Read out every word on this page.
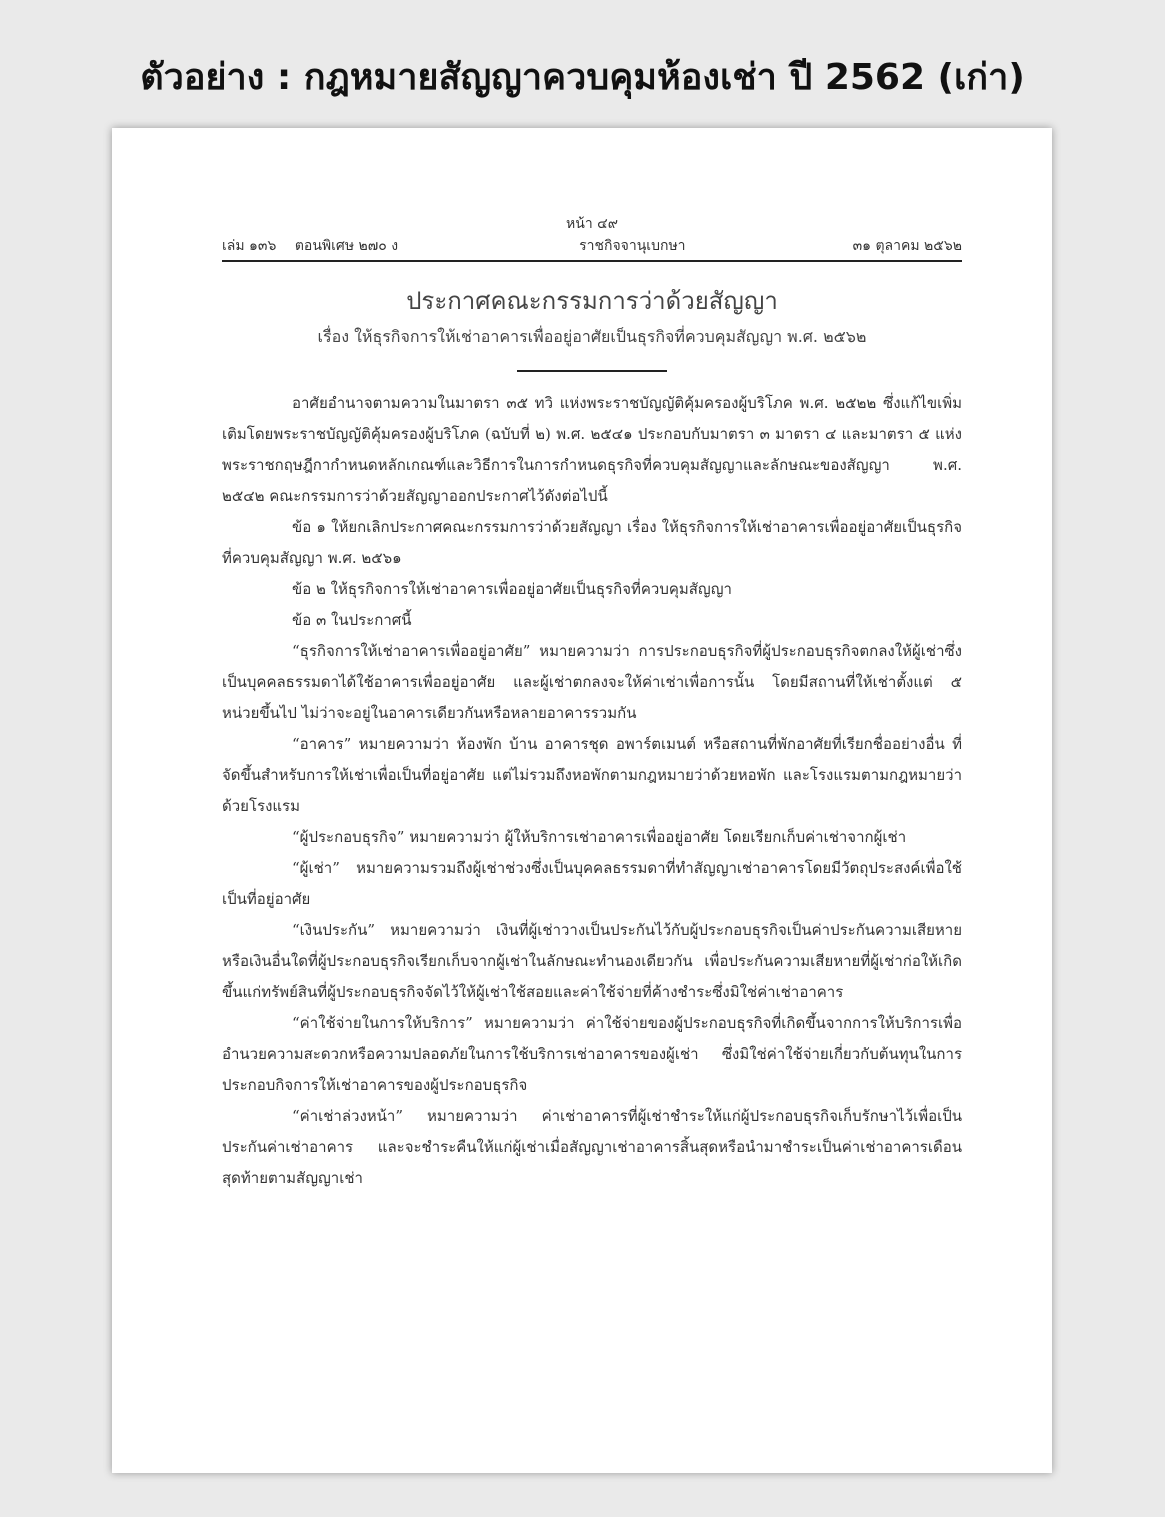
ตัวอย่าง : กฎหมายสัญญาควบคุมห้องเช่า ปี 2562 (เก่า)
หน้า ๔๙
เล่ม ๑๓๖ ตอนพิเศษ ๒๗๐ ง	ราชกิจจานุเบกษา	๓๑ ตุลาคม ๒๕๖๒
ประกาศคณะกรรมการว่าด้วยสัญญา
เรื่อง ให้ธุรกิจการให้เช่าอาคารเพื่ออยู่อาศัยเป็นธุรกิจที่ควบคุมสัญญา พ.ศ. ๒๕๖๒

อาศัยอำนาจตามความในมาตรา ๓๕ ทวิ แห่งพระราชบัญญัติคุ้มครองผู้บริโภค พ.ศ. ๒๕๒๒ ซึ่งแก้ไขเพิ่มเติมโดยพระราชบัญญัติคุ้มครองผู้บริโภค (ฉบับที่ ๒) พ.ศ. ๒๕๔๑ ประกอบกับมาตรา ๓ มาตรา ๔ และมาตรา ๕ แห่งพระราชกฤษฎีกากำหนดหลักเกณฑ์และวิธีการในการกำหนดธุรกิจที่ควบคุมสัญญาและลักษณะของสัญญา พ.ศ. ๒๕๔๒ คณะกรรมการว่าด้วยสัญญาออกประกาศไว้ดังต่อไปนี้

ข้อ ๑ ให้ยกเลิกประกาศคณะกรรมการว่าด้วยสัญญา เรื่อง ให้ธุรกิจการให้เช่าอาคารเพื่ออยู่อาศัยเป็นธุรกิจที่ควบคุมสัญญา พ.ศ. ๒๕๖๑

ข้อ ๒ ให้ธุรกิจการให้เช่าอาคารเพื่ออยู่อาศัยเป็นธุรกิจที่ควบคุมสัญญา

ข้อ ๓ ในประกาศนี้

“ธุรกิจการให้เช่าอาคารเพื่ออยู่อาศัย” หมายความว่า การประกอบธุรกิจที่ผู้ประกอบธุรกิจตกลงให้ผู้เช่าซึ่งเป็นบุคคลธรรมดาได้ใช้อาคารเพื่ออยู่อาศัย และผู้เช่าตกลงจะให้ค่าเช่าเพื่อการนั้น โดยมีสถานที่ให้เช่าตั้งแต่ ๕ หน่วยขึ้นไป ไม่ว่าจะอยู่ในอาคารเดียวกันหรือหลายอาคารรวมกัน

“อาคาร” หมายความว่า ห้องพัก บ้าน อาคารชุด อพาร์ตเมนต์ หรือสถานที่พักอาศัยที่เรียกชื่ออย่างอื่น ที่จัดขึ้นสำหรับการให้เช่าเพื่อเป็นที่อยู่อาศัย แต่ไม่รวมถึงหอพักตามกฎหมายว่าด้วยหอพัก และโรงแรมตามกฎหมายว่าด้วยโรงแรม

“ผู้ประกอบธุรกิจ” หมายความว่า ผู้ให้บริการเช่าอาคารเพื่ออยู่อาศัย โดยเรียกเก็บค่าเช่าจากผู้เช่า

“ผู้เช่า” หมายความรวมถึงผู้เช่าช่วงซึ่งเป็นบุคคลธรรมดาที่ทำสัญญาเช่าอาคารโดยมีวัตถุประสงค์เพื่อใช้เป็นที่อยู่อาศัย

“เงินประกัน” หมายความว่า เงินที่ผู้เช่าวางเป็นประกันไว้กับผู้ประกอบธุรกิจเป็นค่าประกันความเสียหาย หรือเงินอื่นใดที่ผู้ประกอบธุรกิจเรียกเก็บจากผู้เช่าในลักษณะทำนองเดียวกัน เพื่อประกันความเสียหายที่ผู้เช่าก่อให้เกิดขึ้นแก่ทรัพย์สินที่ผู้ประกอบธุรกิจจัดไว้ให้ผู้เช่าใช้สอยและค่าใช้จ่ายที่ค้างชำระซึ่งมิใช่ค่าเช่าอาคาร

“ค่าใช้จ่ายในการให้บริการ” หมายความว่า ค่าใช้จ่ายของผู้ประกอบธุรกิจที่เกิดขึ้นจากการให้บริการเพื่ออำนวยความสะดวกหรือความปลอดภัยในการใช้บริการเช่าอาคารของผู้เช่า ซึ่งมิใช่ค่าใช้จ่ายเกี่ยวกับต้นทุนในการประกอบกิจการให้เช่าอาคารของผู้ประกอบธุรกิจ

“ค่าเช่าล่วงหน้า” หมายความว่า ค่าเช่าอาคารที่ผู้เช่าชำระให้แก่ผู้ประกอบธุรกิจเก็บรักษาไว้เพื่อเป็นประกันค่าเช่าอาคาร และจะชำระคืนให้แก่ผู้เช่าเมื่อสัญญาเช่าอาคารสิ้นสุดหรือนำมาชำระเป็นค่าเช่าอาคารเดือนสุดท้ายตามสัญญาเช่า
